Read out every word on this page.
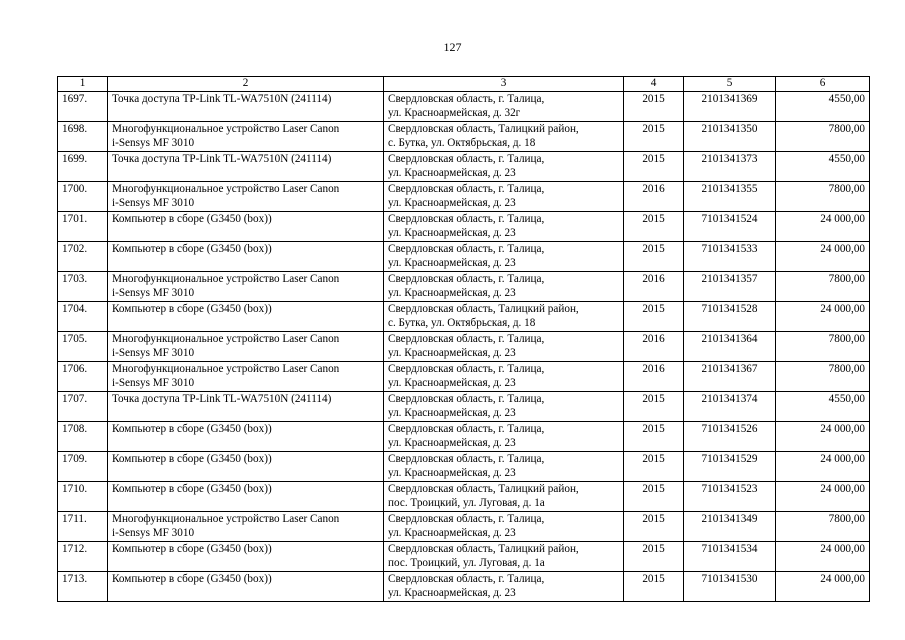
127
1	2	3	4	5	6
1697.	Точка доступа TP-Link TL-WA7510N (241114)	Свердловская область, г. Талица,
ул. Красноармейская, д. 32г	2015	2101341369	4550,00
1698.	Многофункциональное устройство Laser Canon
i-Sensys MF 3010	Свердловская область, Талицкий район,
с. Бутка, ул. Октябрьская, д. 18	2015	2101341350	7800,00
1699.	Точка доступа TP-Link TL-WA7510N (241114)	Свердловская область, г. Талица,
ул. Красноармейская, д. 23	2015	2101341373	4550,00
1700.	Многофункциональное устройство Laser Canon
i-Sensys MF 3010	Свердловская область, г. Талица,
ул. Красноармейская, д. 23	2016	2101341355	7800,00
1701.	Компьютер в сборе (G3450 (box))	Свердловская область, г. Талица,
ул. Красноармейская, д. 23	2015	7101341524	24 000,00
1702.	Компьютер в сборе (G3450 (box))	Свердловская область, г. Талица,
ул. Красноармейская, д. 23	2015	7101341533	24 000,00
1703.	Многофункциональное устройство Laser Canon
i-Sensys MF 3010	Свердловская область, г. Талица,
ул. Красноармейская, д. 23	2016	2101341357	7800,00
1704.	Компьютер в сборе (G3450 (box))	Свердловская область, Талицкий район,
с. Бутка, ул. Октябрьская, д. 18	2015	7101341528	24 000,00
1705.	Многофункциональное устройство Laser Canon
i-Sensys MF 3010	Свердловская область, г. Талица,
ул. Красноармейская, д. 23	2016	2101341364	7800,00
1706.	Многофункциональное устройство Laser Canon
i-Sensys MF 3010	Свердловская область, г. Талица,
ул. Красноармейская, д. 23	2016	2101341367	7800,00
1707.	Точка доступа TP-Link TL-WA7510N (241114)	Свердловская область, г. Талица,
ул. Красноармейская, д. 23	2015	2101341374	4550,00
1708.	Компьютер в сборе (G3450 (box))	Свердловская область, г. Талица,
ул. Красноармейская, д. 23	2015	7101341526	24 000,00
1709.	Компьютер в сборе (G3450 (box))	Свердловская область, г. Талица,
ул. Красноармейская, д. 23	2015	7101341529	24 000,00
1710.	Компьютер в сборе (G3450 (box))	Свердловская область, Талицкий район,
пос. Троицкий, ул. Луговая, д. 1а	2015	7101341523	24 000,00
1711.	Многофункциональное устройство Laser Canon
i-Sensys MF 3010	Свердловская область, г. Талица,
ул. Красноармейская, д. 23	2015	2101341349	7800,00
1712.	Компьютер в сборе (G3450 (box))	Свердловская область, Талицкий район,
пос. Троицкий, ул. Луговая, д. 1а	2015	7101341534	24 000,00
1713.	Компьютер в сборе (G3450 (box))	Свердловская область, г. Талица,
ул. Красноармейская, д. 23	2015	7101341530	24 000,00
